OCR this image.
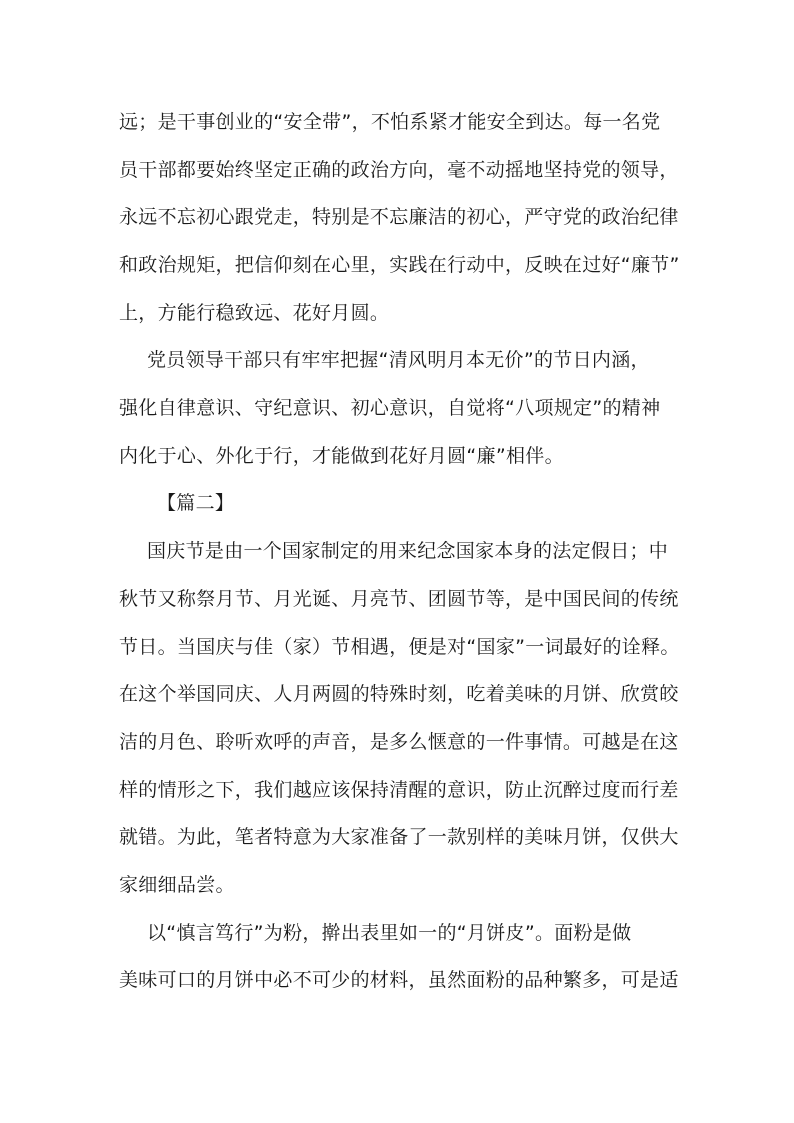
远；是干事创业的“安全带”，不怕系紧才能安全到达。每一名党
员干部都要始终坚定正确的政治方向，毫不动摇地坚持党的领导，
永远不忘初心跟党走，特别是不忘廉洁的初心，严守党的政治纪律
和政治规矩，把信仰刻在心里，实践在行动中，反映在过好“廉节”
上，方能行稳致远、花好月圆。
党员领导干部只有牢牢把握“清风明月本无价”的节日内涵，
强化自律意识、守纪意识、初心意识，自觉将“八项规定”的精神
内化于心、外化于行，才能做到花好月圆“廉”相伴。
【篇二】
国庆节是由一个国家制定的用来纪念国家本身的法定假日；中
秋节又称祭月节、月光诞、月亮节、团圆节等，是中国民间的传统
节日。当国庆与佳（家）节相遇，便是对“国家”一词最好的诠释。
在这个举国同庆、人月两圆的特殊时刻，吃着美味的月饼、欣赏皎
洁的月色、聆听欢呼的声音，是多么惬意的一件事情。可越是在这
样的情形之下，我们越应该保持清醒的意识，防止沉醉过度而行差
就错。为此，笔者特意为大家准备了一款别样的美味月饼，仅供大
家细细品尝。
以“慎言笃行”为粉，擀出表里如一的“月饼皮”。面粉是做
美味可口的月饼中必不可少的材料，虽然面粉的品种繁多，可是适
